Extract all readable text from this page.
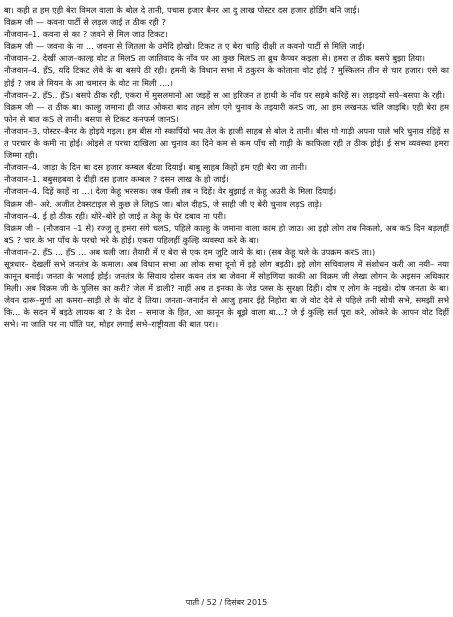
बा। कही त हम एही बेरा विमल वाला के बोल दे तानी, पचास हजार बैनर आ दु लाख पोस्टर दस हजार होर्डिंग बनि जाई।

विक्रम जी — कवना पार्टी से लड़ल जाई त ठीक रही ?

नौजवान–1. कवना से का ? जवने से मिल जाउ टिकट।

विक्रम जी — जवना के ना ... जवना से जितला के उमेदि होखो। टिकट त ए बेरा चाहि दीक्षी त कवनो पार्टी से मिलि जाई।

नौजवान–2. देखीं आज–काल्ह वोट त मिलS ता जातिवाद के नाँव पर आ कुछ मिलS ता ब्रुथ कैप्चर कइला से। हमरा त ठीक बसपे बुझा तिया।

नौजवान–4. हँS, यदि टिकट लेवे के बा बसपे ठी रही। हमनी के विधान सभा में ठकुरन के कोताना वोट होई ? मुस्किलन तीन से चार हजार। एसे का होई ? जब ले मियन के आ चमारन के वोट ना मिली ....।

नौजवान–2. हँS.. हँS। बसपे ठीक रही, एकरा में मुसलमानो आ जइहें स आ हरिजन त हाथी के नाँव पर सहबे करिहें स। लड़ाइयो सपे–बसपा के रही।

विक्रम जी — त ठीक बा। काल्हु जमाना ही जाउ ओकरा बाद तहन लोग एगे चुनाव के तइयारी करS जा, आ हम लखनऊ चलि जाइबि। एही बेरा हम फोन से बात कS ले तानी। बसपा से टिकट कनफर्म जानS।

नौजवान–3. पोस्टर–बैनर के होइये गइल। हम बीस गो स्कार्पियो भय तेल के हाजी साहब से बोल दे तानी। बीस गो गाड़ी अपना पाले भरि चुनाव रहिहें स त परचार के कमी ना होई। ओइसे त परचा दाखिला आ चुनाव का दिने कम से कम पाँच सौ गाड़ी के काफिला रही त ठीक होई। ई सभ व्यवस्था हमरा जिम्मा रही।

नौजवान–4. जाड़ा के दिन बा दस हजार कम्बल बँटवा दियाई। बाबू साहब किहों हम एही बेरा जा तानी।

नौजवान–1. बबुसहबवा दे दीही दस हजार कम्बल ? दसन लाख के हो जाई।

नौजवान–4. दिहें काहें ना ...। देला केहू भरसक। जब फँसी तब न दिहें। वेर बुझाई त केहू अउरी के मिला दियाई।

विक्रम जी– अरे. अजीत टेक्सटाइल से कुछ ले लिहS जा। बोल दीहS, जे साही जी ए बेरी चुनाव लड़S ताड़े।

नौजवान–4. ई हो ठीक रही। थोरे–बोरे हो जाई त केहू के घेर दबाव ना परी।

विक्रम जी – (नौजवान –1 से) रज्जु तू हमरा संगे चलS, पहिले काल्हु के जमाना वाला काम हो जाउ। आ इहो लोग तब निकलो, अब कS दिन बड़लहीं बS ? चार के भा पाँच के परचो भरे के होई। एकरा पहिलहीं कुल्हि व्यवस्था करे के बा।

नौजवान–2. हँS ... हँS ... अब चली जा। तैयारी में ए बेरा से एक दम जुटि जाये के बा। (सब केहू चले के उपक्रम करS ता।)

सूत्रधार– देखलीं सभे जनतंत्र के कमाल। अब विधान सभा आ लोक सभा दूनो में इहे लोग बइठी। इहे लोग सचिवालय में संशोधन करी आ नयी– नया कानून बनाई। जनता के भलाई होई। जनतंत्र के सिवाय दोसर कवन तंत्र बा जेवना में सोहणिया काकी आ विक्रम जी लेखा लोगन के अइसन अधिकार मिली। अब विक्रम जी के पुलिस का करी? जेल में डाली? नाहीं अब त इनका के जेड प्लस के सुरक्षा दिही। दोष ए लोग के नइखे। दोष जनता के बा। जेवन दारू–मुर्गा आ कमरा–साड़ी ले के वोट दे तिया। जनता–जनार्दन से आजु हमार ईहे निहोरा बा जे वोट देवे से पहिले तनी सोची सभे, समझीं सभे कि... के सदन में बइठे लायक बा ? के देश – समाज के हित, आ कानून के बूझे वाला बा...? जे ई कुल्हि सर्त पूरा करे, ओकरे के आपन वोट दिहीं सभे। ना जाति पर ना पाँति पर, मोहर लगाईं सभे–राष्ट्रीयता की बात पर।।

पाती / 52 / दिसंबर 2015
